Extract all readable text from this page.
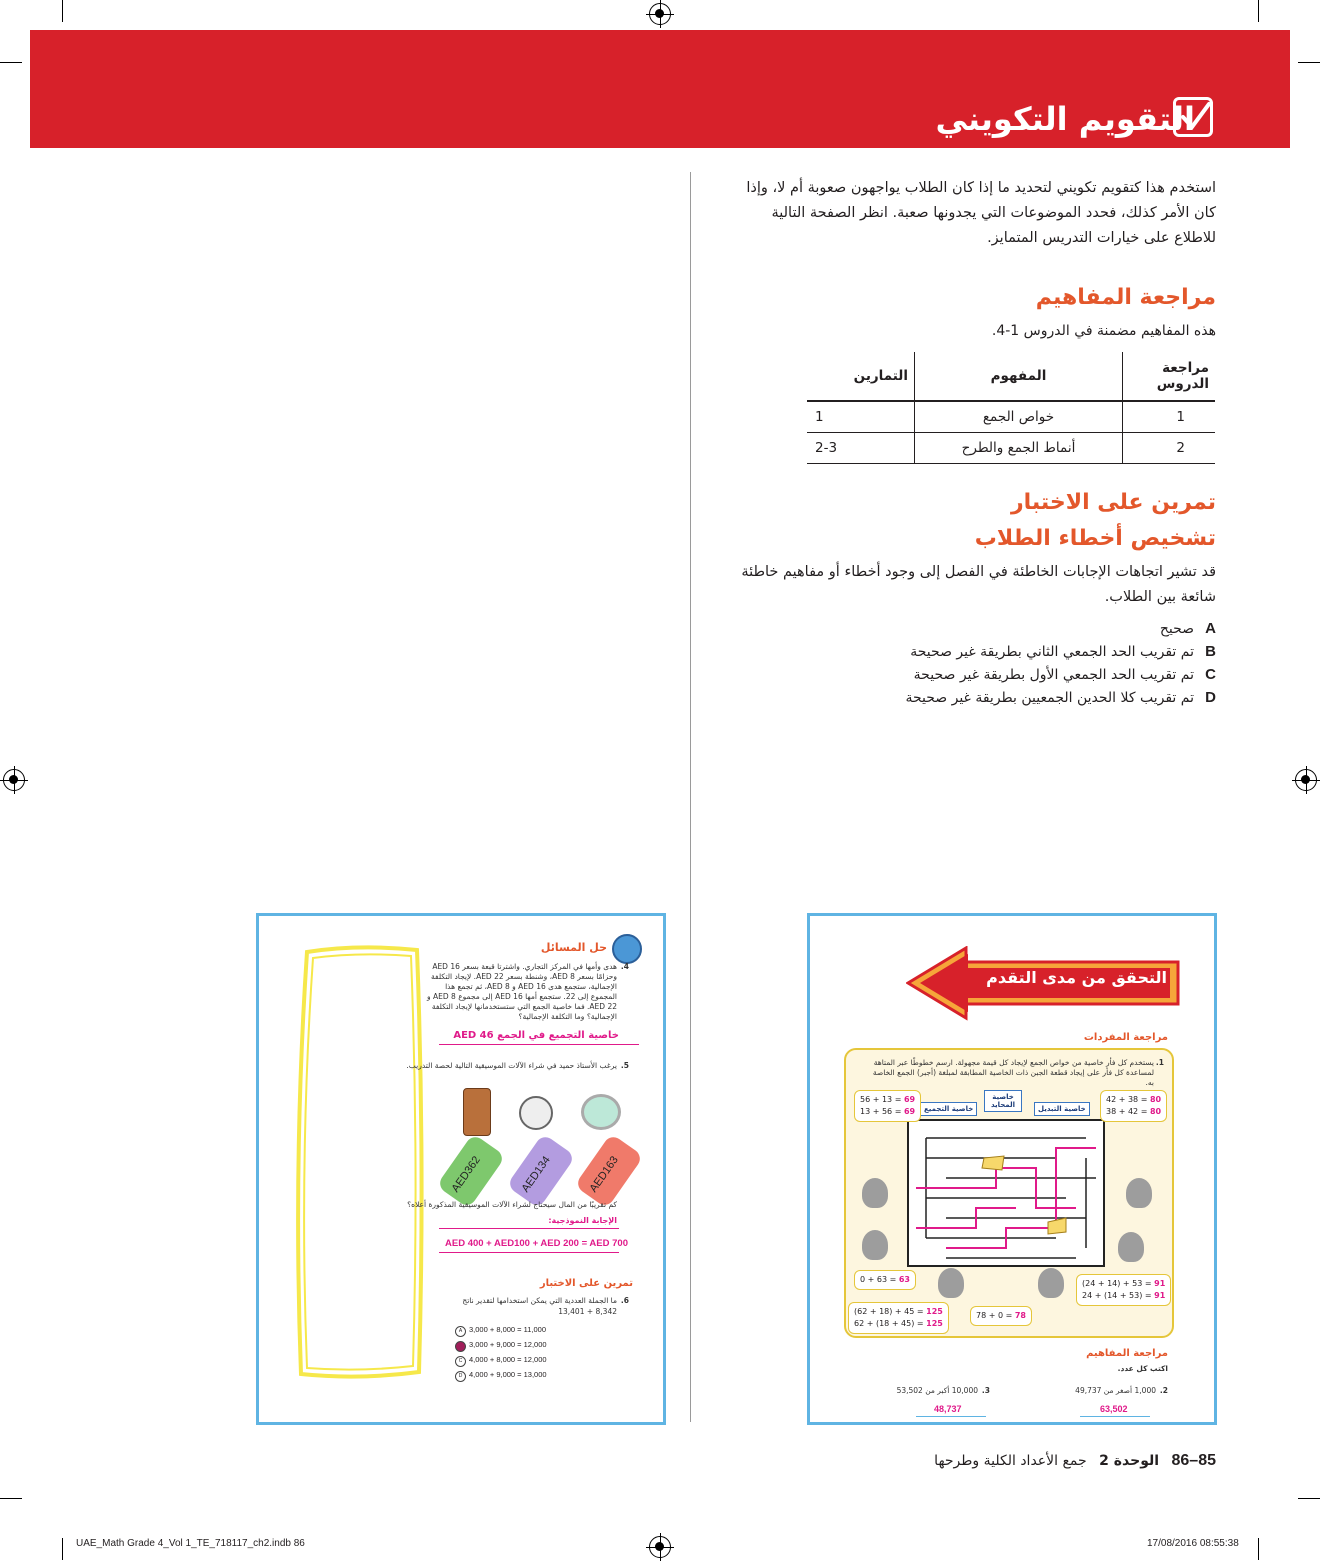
التقويم التكويني
استخدم هذا كتقويم تكويني لتحديد ما إذا كان الطلاب يواجهون صعوبة أم لا، وإذا كان الأمر كذلك، فحدد الموضوعات التي يجدونها صعبة. انظر الصفحة التالية للاطلاع على خيارات التدريس المتمايز.
مراجعة المفاهيم
هذه المفاهيم مضمنة في الدروس 1-4.
مراجعة الدروس	المفهوم	التمارين
1	خواص الجمع	1
2	أنماط الجمع والطرح	2-3
تمرين على الاختبار
تشخيص أخطاء الطلاب
قد تشير اتجاهات الإجابات الخاطئة في الفصل إلى وجود أخطاء أو مفاهيم خاطئة شائعة بين الطلاب.
Aصحيح
Bتم تقريب الحد الجمعي الثاني بطريقة غير صحيحة
Cتم تقريب الحد الجمعي الأول بطريقة غير صحيحة
Dتم تقريب كلا الحدين الجمعيين بطريقة غير صحيحة
حل المسائل
4.
هدى وأمها في المركز التجاري. واشترتا قبعة بسعر AED 16 وحزامًا بسعر AED 8، وشنطة بسعر AED 22. لإيجاد التكلفة الإجمالية، ستجمع هدى AED 16 و AED 8، ثم تجمع هذا المجموع إلى 22. ستجمع أمها AED 16 إلى مجموع AED 8 و AED 22. فما خاصية الجمع التي ستستخدمانها لإيجاد التكلفة الإجمالية؟ وما التكلفة الإجمالية؟
خاصية التجميع في الجمع AED 46
5.
يرغب الأستاذ حميد في شراء الآلات الموسيقية التالية لحصة التدريب.
AED362	AED134	AED163
كم تقريبًا من المال سيحتاج لشراء الآلات الموسيقية المذكورة أعلاه؟
الإجابة النموذجية:
AED 400 + AED100 + AED 200 = AED 700
تمرين على الاختبار
6.
ما الجملة العددية التي يمكن استخدامها لتقدير ناتج
13,401 + 8,342
A 3,000 + 8,000 = 11,000
B 3,000 + 9,000 = 12,000
C 4,000 + 8,000 = 12,000
D 4,000 + 9,000 = 13,000
التحقق من مدى التقدم
مراجعة المفردات
1.
يستخدم كل فأر خاصية من خواص الجمع لإيجاد كل قيمة مجهولة. ارسم خطوطًا عبر المتاهة لمساعدة كل فأر على إيجاد قطعة الجبن ذات الخاصية المطابقة لمبلغة (أجبر) الجمع الخاصة به.
خاصية التجميع
خاصية المحايد	خاصية التبديل
56 + 13 = 69
13 + 56 = 69
42 + 38 = 80
38 + 42 = 80
0 + 63 = 63	(24 + 14) + 53 = 91
24 + (14 + 53) = 91
(62 + 18) + 45 = 125
62 + (18 + 45) = 125
78 + 0 = 78
مراجعة المفاهيم
اكتب كل عدد.
2.
1,000 أصغر من 49,737
63,502
3.
10,000 أكبر من 53,502
48,737
85–86 الوحدة 2 جمع الأعداد الكلية وطرحها
UAE_Math Grade 4_Vol 1_TE_718117_ch2.indb 86	17/08/2016 08:55:38
